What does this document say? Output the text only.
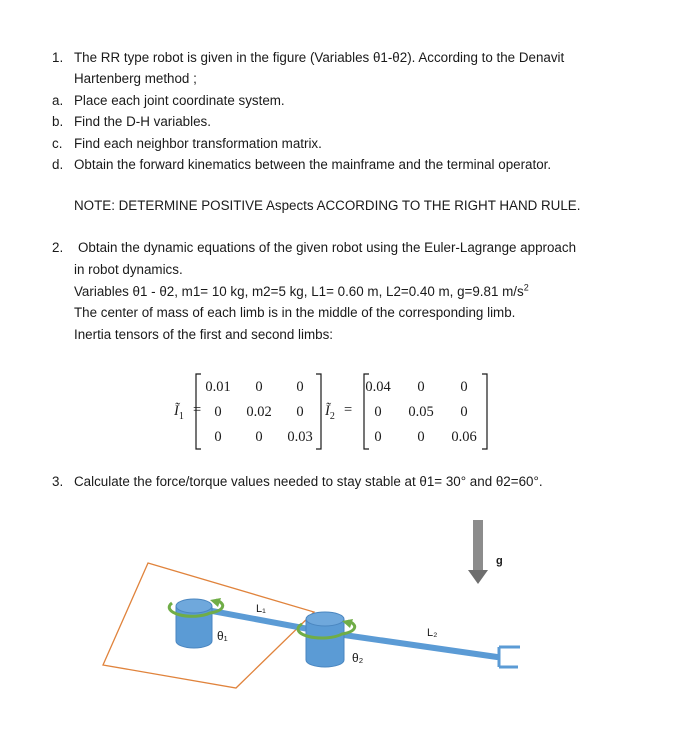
1. The RR type robot is given in the figure (Variables θ1-θ2). According to the Denavit
Hartenberg method ;
a. Place each joint coordinate system.
b. Find the D-H variables.
c. Find each neighbor transformation matrix.
d. Obtain the forward kinematics between the mainframe and the terminal operator.
NOTE: DETERMINE POSITIVE Aspects ACCORDING TO THE RIGHT HAND RULE.
2. Obtain the dynamic equations of the given robot using the Euler-Lagrange approach
in robot dynamics.
Variables θ1 - θ2, m1= 10 kg, m2=5 kg, L1= 0.60 m, L2=0.40 m, g=9.81 $m/s^2$
The center of mass of each limb is in the middle of the corresponding limb.
Inertia tensors of the first and second limbs:
$Ĩ_1$ =
0.01	0	0
0	0.02	0
0	0	0.03
$Ĩ_2$ =
0.04	0	0
0	0.05	0
0	0	0.06
3. Calculate the force/torque values needed to stay stable at θ1= 30° and θ2=60°.
L₁
θ₁	L₂
θ₂
g
